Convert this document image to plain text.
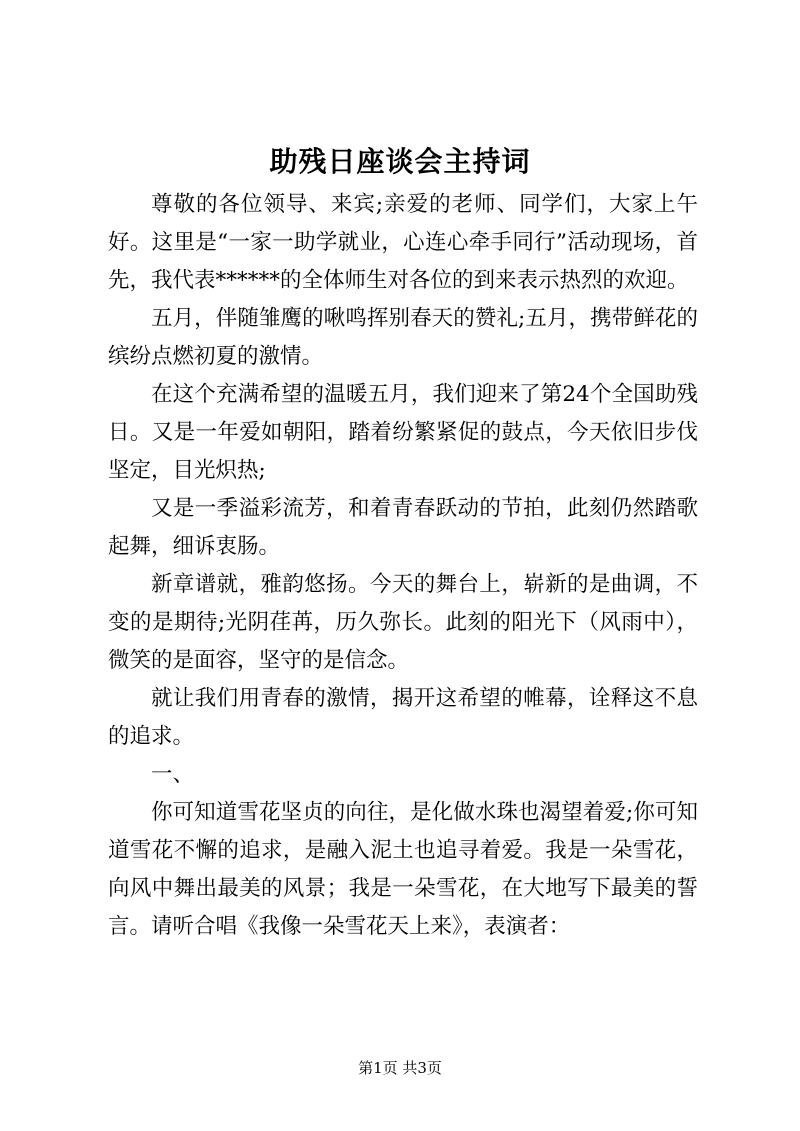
助残日座谈会主持词

尊敬的各位领导、来宾;亲爱的老师、同学们，大家上午好。这里是“一家一助学就业，心连心牵手同行”活动现场，首先，我代表******的全体师生对各位的到来表示热烈的欢迎。

五月，伴随雏鹰的啾鸣挥别春天的赞礼;五月，携带鲜花的缤纷点燃初夏的激情。

在这个充满希望的温暖五月，我们迎来了第24个全国助残日。又是一年爱如朝阳，踏着纷繁紧促的鼓点，今天依旧步伐坚定，目光炽热;

又是一季溢彩流芳，和着青春跃动的节拍，此刻仍然踏歌起舞，细诉衷肠。

新章谱就，雅韵悠扬。今天的舞台上，崭新的是曲调，不变的是期待;光阴荏苒，历久弥长。此刻的阳光下（风雨中），微笑的是面容，坚守的是信念。

就让我们用青春的激情，揭开这希望的帷幕，诠释这不息的追求。

一、

你可知道雪花坚贞的向往，是化做水珠也渴望着爱;你可知道雪花不懈的追求，是融入泥土也追寻着爱。我是一朵雪花，向风中舞出最美的风景；我是一朵雪花，在大地写下最美的誓言。请听合唱《我像一朵雪花天上来》，表演者：

第1页 共3页
